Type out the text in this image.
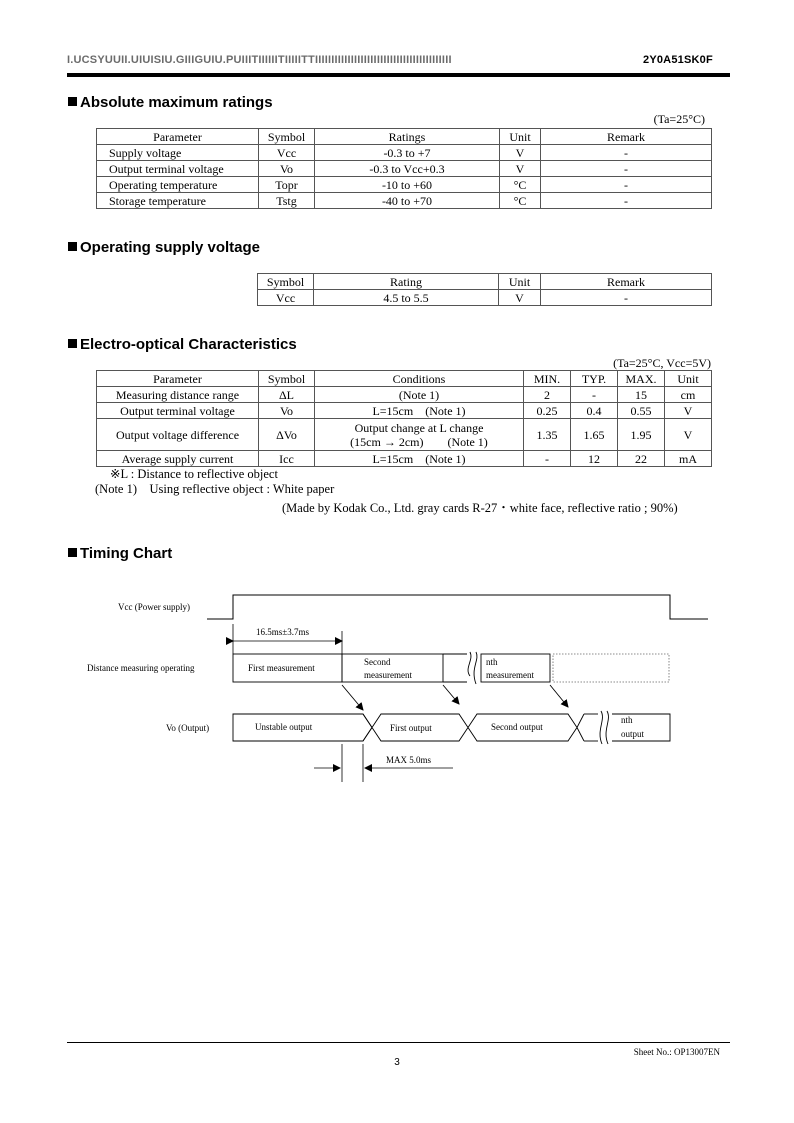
I.UCSYUUII.UIUISIU.GIIIGUIU.PUIIITIIIIIITIIIIITTIIIIIIIIIIIIIIIIIIIIIIIIIIIIIIIIIIIIIIIIII	2Y0A51SK0F
Absolute maximum ratings
(Ta=25°C)
Parameter	Symbol	Ratings	Unit	Remark
Supply voltage	Vcc	-0.3 to +7	V	-
Output terminal voltage	Vo	-0.3 to Vcc+0.3	V	-
Operating temperature	Topr	-10 to +60	°C	-
Storage temperature	Tstg	-40 to +70	°C	-
Operating supply voltage
Symbol	Rating	Unit	Remark
Vcc	4.5 to 5.5	V	-
Electro-optical Characteristics
(Ta=25°C, Vcc=5V)
Parameter	Symbol	Conditions	MIN.	TYP.	MAX.	Unit
Measuring distance range	ΔL	(Note 1)	2	-	15	cm
Output terminal voltage	Vo	L=15cm (Note 1)	0.25	0.4	0.55	V
Output voltage difference	ΔVo	Output change at L change
(15cm → 2cm)  (Note 1)	1.35	1.65	1.95	V
Average supply current	Icc	L=15cm (Note 1)	-	12	22	mA
※L : Distance to reflective object
(Note 1) Using reflective object : White paper
(Made by Kodak Co., Ltd. gray cards R-27・white face, reflective ratio ; 90%)
Timing Chart
Vcc (Power supply)
16.5ms±3.7ms
Distance measuring operating	First measurement
Second
measurement
nth
measurement
Vo (Output)	Unstable output	First output	Second output
nth
output
MAX 5.0ms
Sheet No.: OP13007EN
3
